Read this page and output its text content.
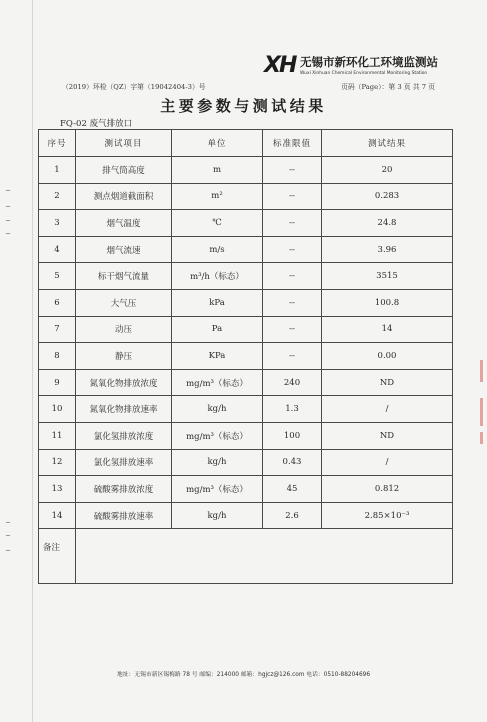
XH 无锡市新环化工环境监测站
Wuxi Xinhuan Chemical Environmental Monitoring Station
（2019）环检（QZ）字第（19042404-3）号	页码（Page）：第 3 页 共 7 页
主要参数与测试结果
FQ-02 废气排放口
序号	测试项目	单位	标准限值	测试结果
1	排气筒高度	m	--	20
2	测点烟道截面积	m²	--	0.283
3	烟气温度	℃	--	24.8
4	烟气流速	m/s	--	3.96
5	标干烟气流量	m³/h（标态）	--	3515
6	大气压	kPa	--	100.8
7	动压	Pa	--	14
8	静压	KPa	--	0.00
9	氮氧化物排放浓度	mg/m³（标态）	240	ND
10	氮氧化物排放速率	kg/h	1.3	/
11	氯化氢排放浓度	mg/m³（标态）	100	ND
12	氯化氢排放速率	kg/h	0.43	/
13	硫酸雾排放浓度	mg/m³（标态）	45	0.812
14	硫酸雾排放速率	kg/h	2.6	2.85×10⁻³
备注				
地址：无锡市新区锡梅路 78 号 邮编：214000 邮箱：hgjcz@126.com 电话：0510-88204696
